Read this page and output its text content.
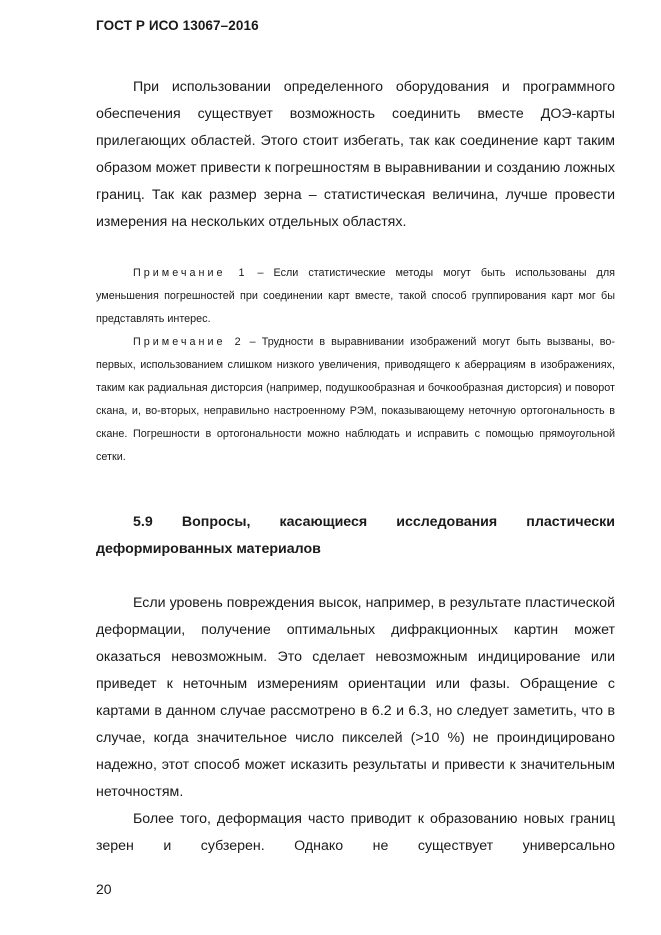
ГОСТ Р ИСО 13067–2016

При использовании определенного оборудования и программного обеспечения существует возможность соединить вместе ДОЭ-карты прилегающих областей. Этого стоит избегать, так как соединение карт таким образом может привести к погрешностям в выравнивании и созданию ложных границ. Так как размер зерна – статистическая величина, лучше провести измерения на нескольких отдельных областях.

Примечание 1 – Если статистические методы могут быть использованы для уменьшения погрешностей при соединении карт вместе, такой способ группирования карт мог бы представлять интерес.

Примечание 2 – Трудности в выравнивании изображений могут быть вызваны, во-первых, использованием слишком низкого увеличения, приводящего к аберрациям в изображениях, таким как радиальная дисторсия (например, подушкообразная и бочкообразная дисторсия) и поворот скана, и, во-вторых, неправильно настроенному РЭМ, показывающему неточную ортогональность в скане. Погрешности в ортогональности можно наблюдать и исправить с помощью прямоугольной сетки.

5.9 Вопросы, касающиеся исследования пластически деформированных материалов

Если уровень повреждения высок, например, в результате пластической деформации, получение оптимальных дифракционных картин может оказаться невозможным. Это сделает невозможным индицирование или приведет к неточным измерениям ориентации или фазы. Обращение с картами в данном случае рассмотрено в 6.2 и 6.3, но следует заметить, что в случае, когда значительное число пикселей (>10 %) не проиндицировано надежно, этот способ может исказить результаты и привести к значительным неточностям.

Более того, деформация часто приводит к образованию новых границ зерен и субзерен. Однако не существует универсально

20
